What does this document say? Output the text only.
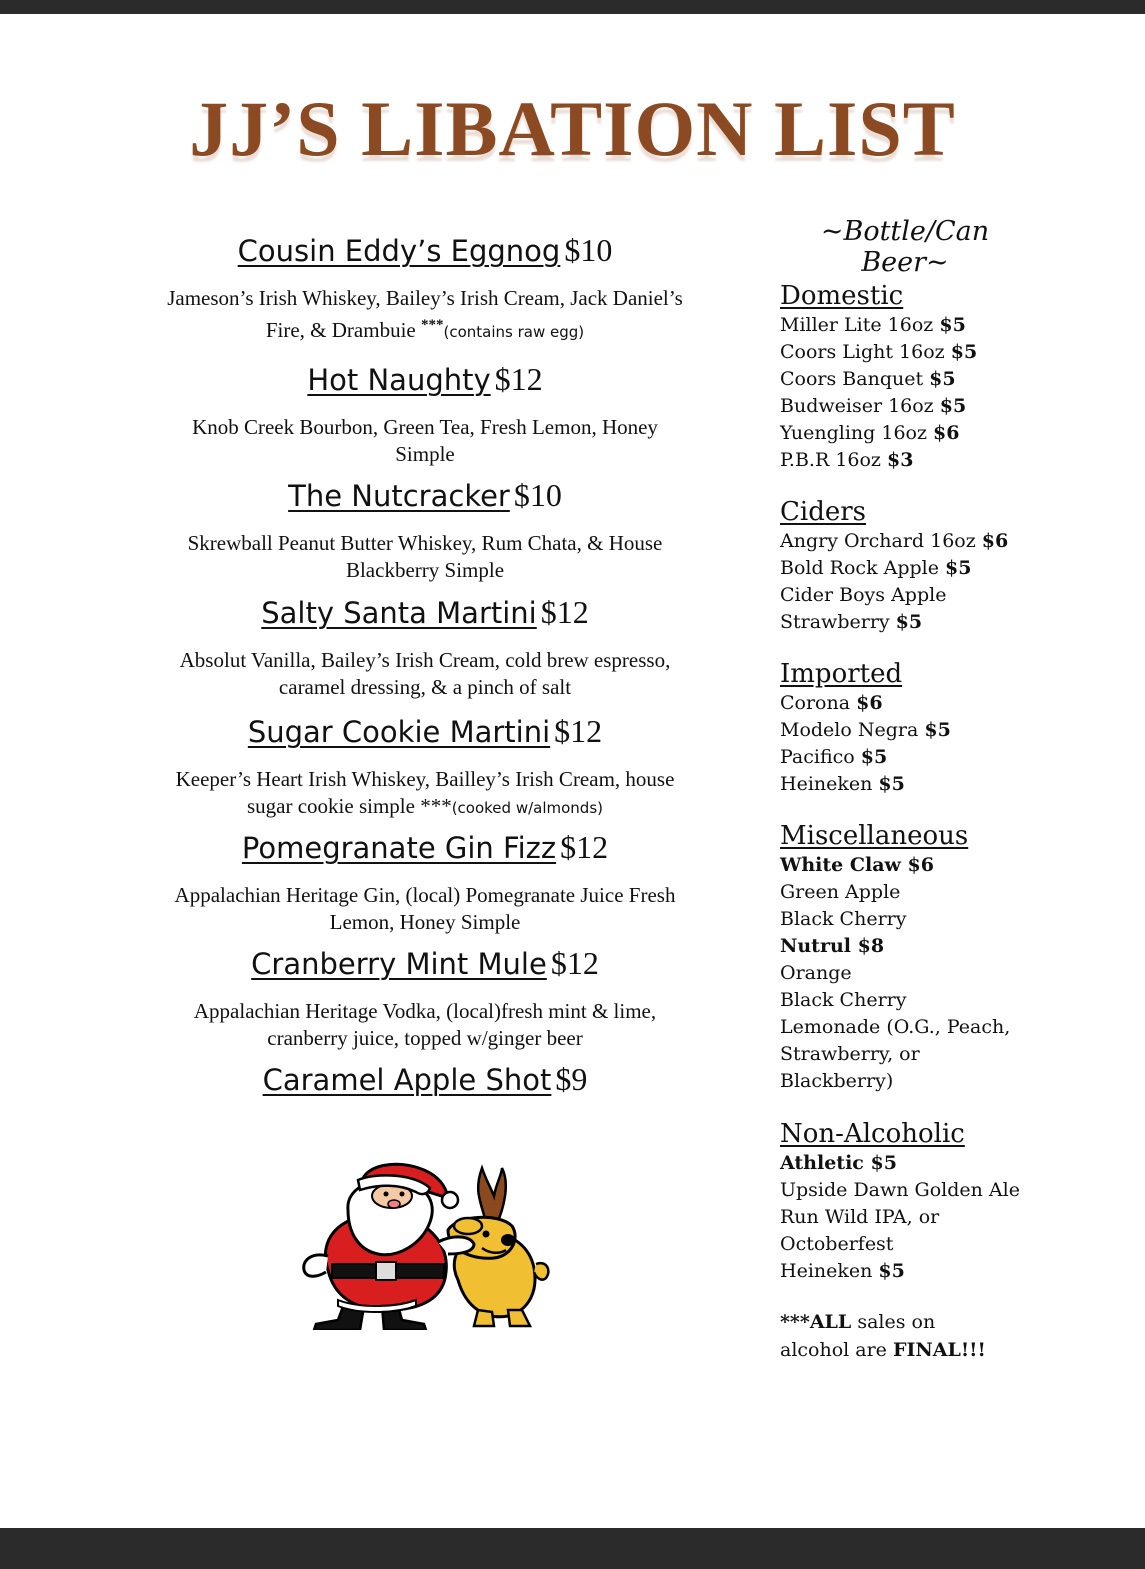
JJ’S LIBATION LIST
Cousin Eddy’s Eggnog $10
Jameson’s Irish Whiskey, Bailey’s Irish Cream, Jack Daniel’s
Fire, & Drambuie ***(contains raw egg)
Hot Naughty $12
Knob Creek Bourbon, Green Tea, Fresh Lemon, Honey
Simple
The Nutcracker $10
Skrewball Peanut Butter Whiskey, Rum Chata, & House
Blackberry Simple
Salty Santa Martini $12
Absolut Vanilla, Bailey’s Irish Cream, cold brew espresso,
caramel dressing, & a pinch of salt
Sugar Cookie Martini $12
Keeper’s Heart Irish Whiskey, Bailley’s Irish Cream, house
sugar cookie simple ***(cooked w/almonds)
Pomegranate Gin Fizz $12
Appalachian Heritage Gin, (local) Pomegranate Juice Fresh
Lemon, Honey Simple
Cranberry Mint Mule $12
Appalachian Heritage Vodka, (local)fresh mint & lime,
cranberry juice, topped w/ginger beer
Caramel Apple Shot $9
~Bottle/Can Beer~
Domestic
Miller Lite 16oz $5
Coors Light 16oz $5
Coors Banquet $5
Budweiser 16oz $5
Yuengling 16oz $6
P.B.R 16oz $3
Ciders
Angry Orchard 16oz $6
Bold Rock Apple $5
Cider Boys Apple
Strawberry $5
Imported
Corona $6
Modelo Negra $5
Pacifico $5
Heineken $5
Miscellaneous
White Claw $6
Green Apple
Black Cherry
Nutrul $8
Orange
Black Cherry
Lemonade (O.G., Peach,
Strawberry, or
Blackberry)
Non-Alcoholic
Athletic $5
Upside Dawn Golden Ale
Run Wild IPA, or
Octoberfest
Heineken $5
***ALL sales on
alcohol are FINAL!!!
